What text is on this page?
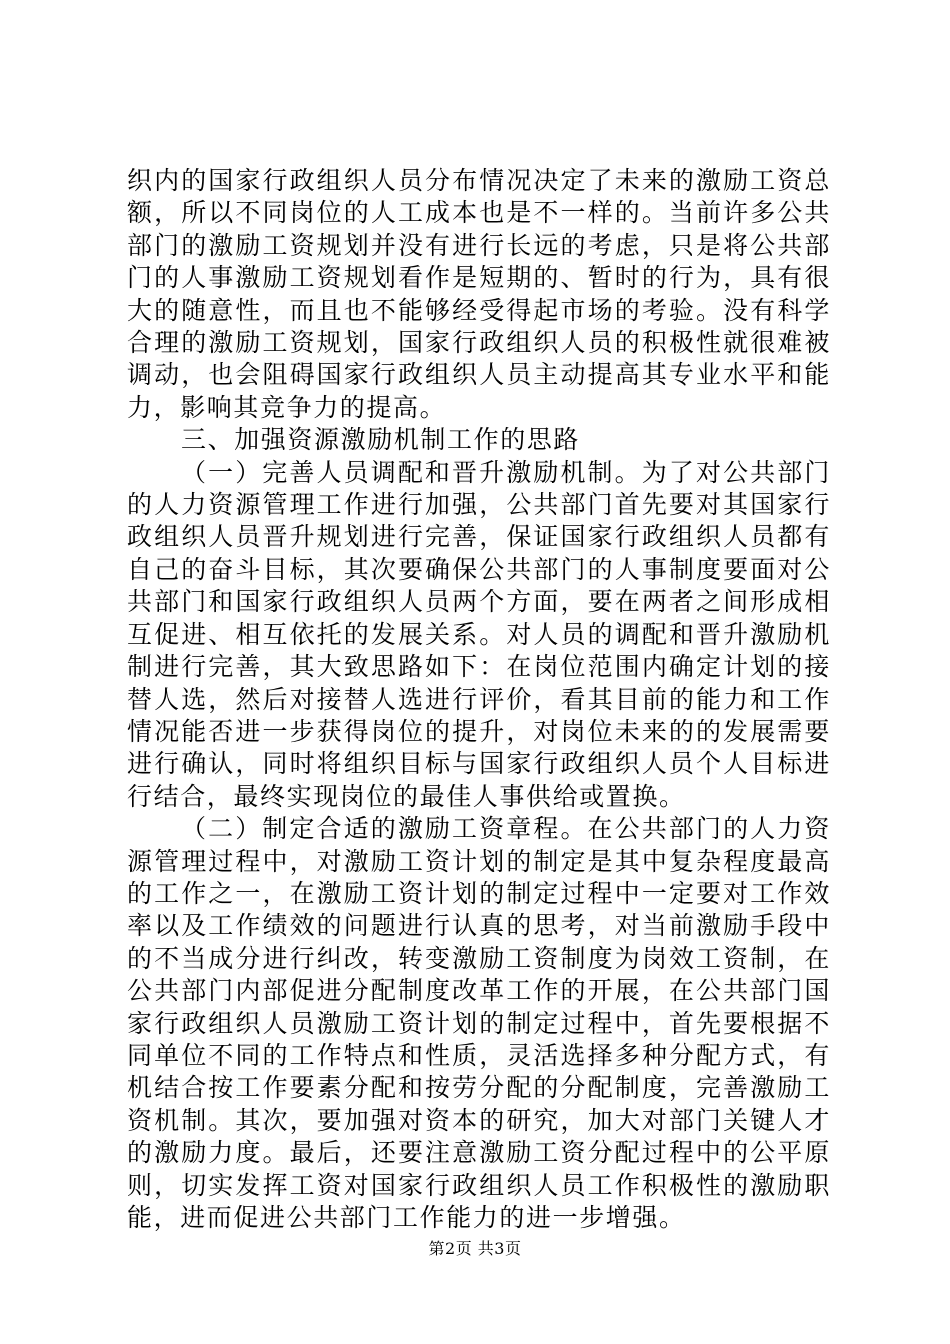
织内的国家行政组织人员分布情况决定了未来的激励工资总额，所以不同岗位的人工成本也是不一样的。当前许多公共部门的激励工资规划并没有进行长远的考虑，只是将公共部门的人事激励工资规划看作是短期的、暂时的行为，具有很大的随意性，而且也不能够经受得起市场的考验。没有科学合理的激励工资规划，国家行政组织人员的积极性就很难被调动，也会阻碍国家行政组织人员主动提高其专业水平和能力，影响其竞争力的提高。

三、加强资源激励机制工作的思路

（一）完善人员调配和晋升激励机制。为了对公共部门的人力资源管理工作进行加强，公共部门首先要对其国家行政组织人员晋升规划进行完善，保证国家行政组织人员都有自己的奋斗目标，其次要确保公共部门的人事制度要面对公共部门和国家行政组织人员两个方面，要在两者之间形成相互促进、相互依托的发展关系。对人员的调配和晋升激励机制进行完善，其大致思路如下：在岗位范围内确定计划的接替人选，然后对接替人选进行评价，看其目前的能力和工作情况能否进一步获得岗位的提升，对岗位未来的的发展需要进行确认，同时将组织目标与国家行政组织人员个人目标进行结合，最终实现岗位的最佳人事供给或置换。

（二）制定合适的激励工资章程。在公共部门的人力资源管理过程中，对激励工资计划的制定是其中复杂程度最高的工作之一，在激励工资计划的制定过程中一定要对工作效率以及工作绩效的问题进行认真的思考，对当前激励手段中的不当成分进行纠改，转变激励工资制度为岗效工资制，在公共部门内部促进分配制度改革工作的开展，在公共部门国家行政组织人员激励工资计划的制定过程中，首先要根据不同单位不同的工作特点和性质，灵活选择多种分配方式，有机结合按工作要素分配和按劳分配的分配制度，完善激励工资机制。其次，要加强对资本的研究，加大对部门关键人才的激励力度。最后，还要注意激励工资分配过程中的公平原则，切实发挥工资对国家行政组织人员工作积极性的激励职能，进而促进公共部门工作能力的进一步增强。

第2页 共3页
